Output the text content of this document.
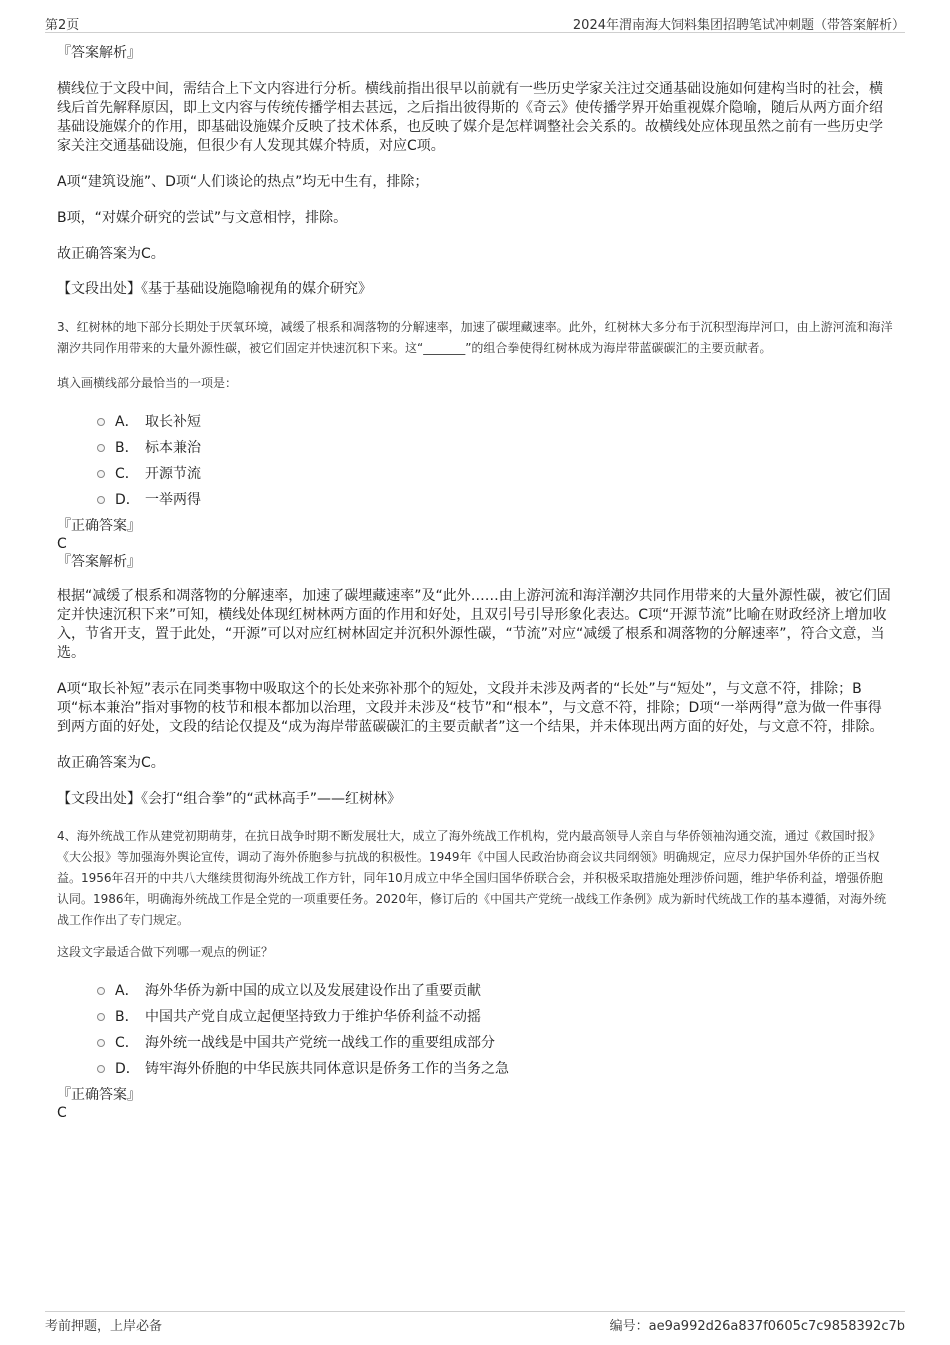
第2页	2024年渭南海大饲料集团招聘笔试冲刺题（带答案解析）

『答案解析』

横线位于文段中间，需结合上下文内容进行分析。横线前指出很早以前就有一些历史学家关注过交通基础设施如何建构当时的社会，横线后首先解释原因，即上文内容与传统传播学相去甚远，之后指出彼得斯的《奇云》使传播学界开始重视媒介隐喻，随后从两方面介绍基础设施媒介的作用，即基础设施媒介反映了技术体系，也反映了媒介是怎样调整社会关系的。故横线处应体现虽然之前有一些历史学家关注交通基础设施，但很少有人发现其媒介特质，对应C项。

A项“建筑设施”、D项“人们谈论的热点”均无中生有，排除；

B项，“对媒介研究的尝试”与文意相悖，排除。

故正确答案为C。

【文段出处】《基于基础设施隐喻视角的媒介研究》

3、红树林的地下部分长期处于厌氧环境，减缓了根系和凋落物的分解速率，加速了碳埋藏速率。此外，红树林大多分布于沉积型海岸河口，由上游河流和海洋潮汐共同作用带来的大量外源性碳，被它们固定并快速沉积下来。这“_______”的组合拳使得红树林成为海岸带蓝碳碳汇的主要贡献者。

填入画横线部分最恰当的一项是：

A． 取长补短
B． 标本兼治
C． 开源节流
D． 一举两得

『正确答案』

C

『答案解析』

根据“减缓了根系和凋落物的分解速率，加速了碳埋藏速率”及“此外……由上游河流和海洋潮汐共同作用带来的大量外源性碳，被它们固定并快速沉积下来”可知，横线处体现红树林两方面的作用和好处，且双引号引导形象化表达。C项“开源节流”比喻在财政经济上增加收入，节省开支，置于此处，“开源”可以对应红树林固定并沉积外源性碳，“节流”对应“减缓了根系和凋落物的分解速率”，符合文意，当选。

A项“取长补短”表示在同类事物中吸取这个的长处来弥补那个的短处，文段并未涉及两者的“长处”与“短处”，与文意不符，排除；B项“标本兼治”指对事物的枝节和根本都加以治理，文段并未涉及“枝节”和“根本”，与文意不符，排除；D项“一举两得”意为做一件事得到两方面的好处，文段的结论仅提及“成为海岸带蓝碳碳汇的主要贡献者”这一个结果，并未体现出两方面的好处，与文意不符，排除。

故正确答案为C。

【文段出处】《会打“组合拳”的“武林高手”——红树林》

4、海外统战工作从建党初期萌芽，在抗日战争时期不断发展壮大，成立了海外统战工作机构，党内最高领导人亲自与华侨领袖沟通交流，通过《救国时报》《大公报》等加强海外舆论宣传，调动了海外侨胞参与抗战的积极性。1949年《中国人民政治协商会议共同纲领》明确规定，应尽力保护国外华侨的正当权益。1956年召开的中共八大继续贯彻海外统战工作方针，同年10月成立中华全国归国华侨联合会，并积极采取措施处理涉侨问题，维护华侨利益，增强侨胞认同。1986年，明确海外统战工作是全党的一项重要任务。2020年，修订后的《中国共产党统一战线工作条例》成为新时代统战工作的基本遵循，对海外统战工作作出了专门规定。

这段文字最适合做下列哪一观点的例证？

A． 海外华侨为新中国的成立以及发展建设作出了重要贡献
B． 中国共产党自成立起便坚持致力于维护华侨利益不动摇
C． 海外统一战线是中国共产党统一战线工作的重要组成部分
D． 铸牢海外侨胞的中华民族共同体意识是侨务工作的当务之急

『正确答案』

C

考前押题，上岸必备	编号：ae9a992d26a837f0605c7c9858392c7b
